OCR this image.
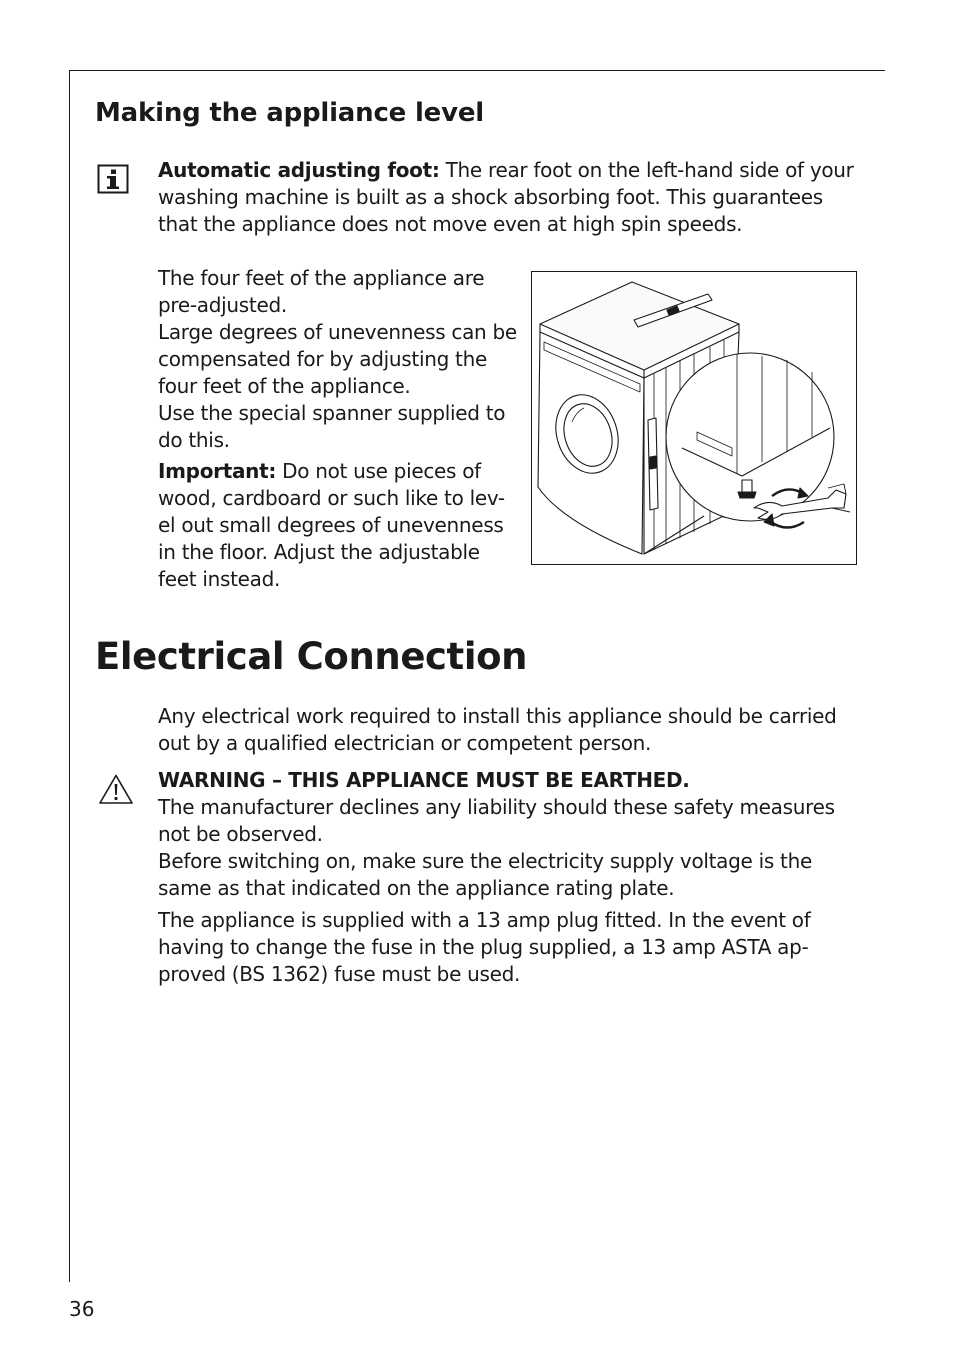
Making the appliance level
Automatic adjusting foot: The rear foot on the left-hand side of your
washing machine is built as a shock absorbing foot. This guarantees
that the appliance does not move even at high spin speeds.
The four feet of the appliance are
pre-adjusted.
Large degrees of unevenness can be
compensated for by adjusting the
four feet of the appliance.
Use the special spanner supplied to
do this.
Important: Do not use pieces of
wood, cardboard or such like to lev-
el out small degrees of unevenness
in the floor. Adjust the adjustable
feet instead.
Electrical Connection
Any electrical work required to install this appliance should be carried
out by a qualified electrician or competent person.
WARNING – THIS APPLIANCE MUST BE EARTHED.
The manufacturer declines any liability should these safety measures
not be observed.
Before switching on, make sure the electricity supply voltage is the
same as that indicated on the appliance rating plate.
The appliance is supplied with a 13 amp plug fitted. In the event of
having to change the fuse in the plug supplied, a 13 amp ASTA ap-
proved (BS 1362) fuse must be used.
36
